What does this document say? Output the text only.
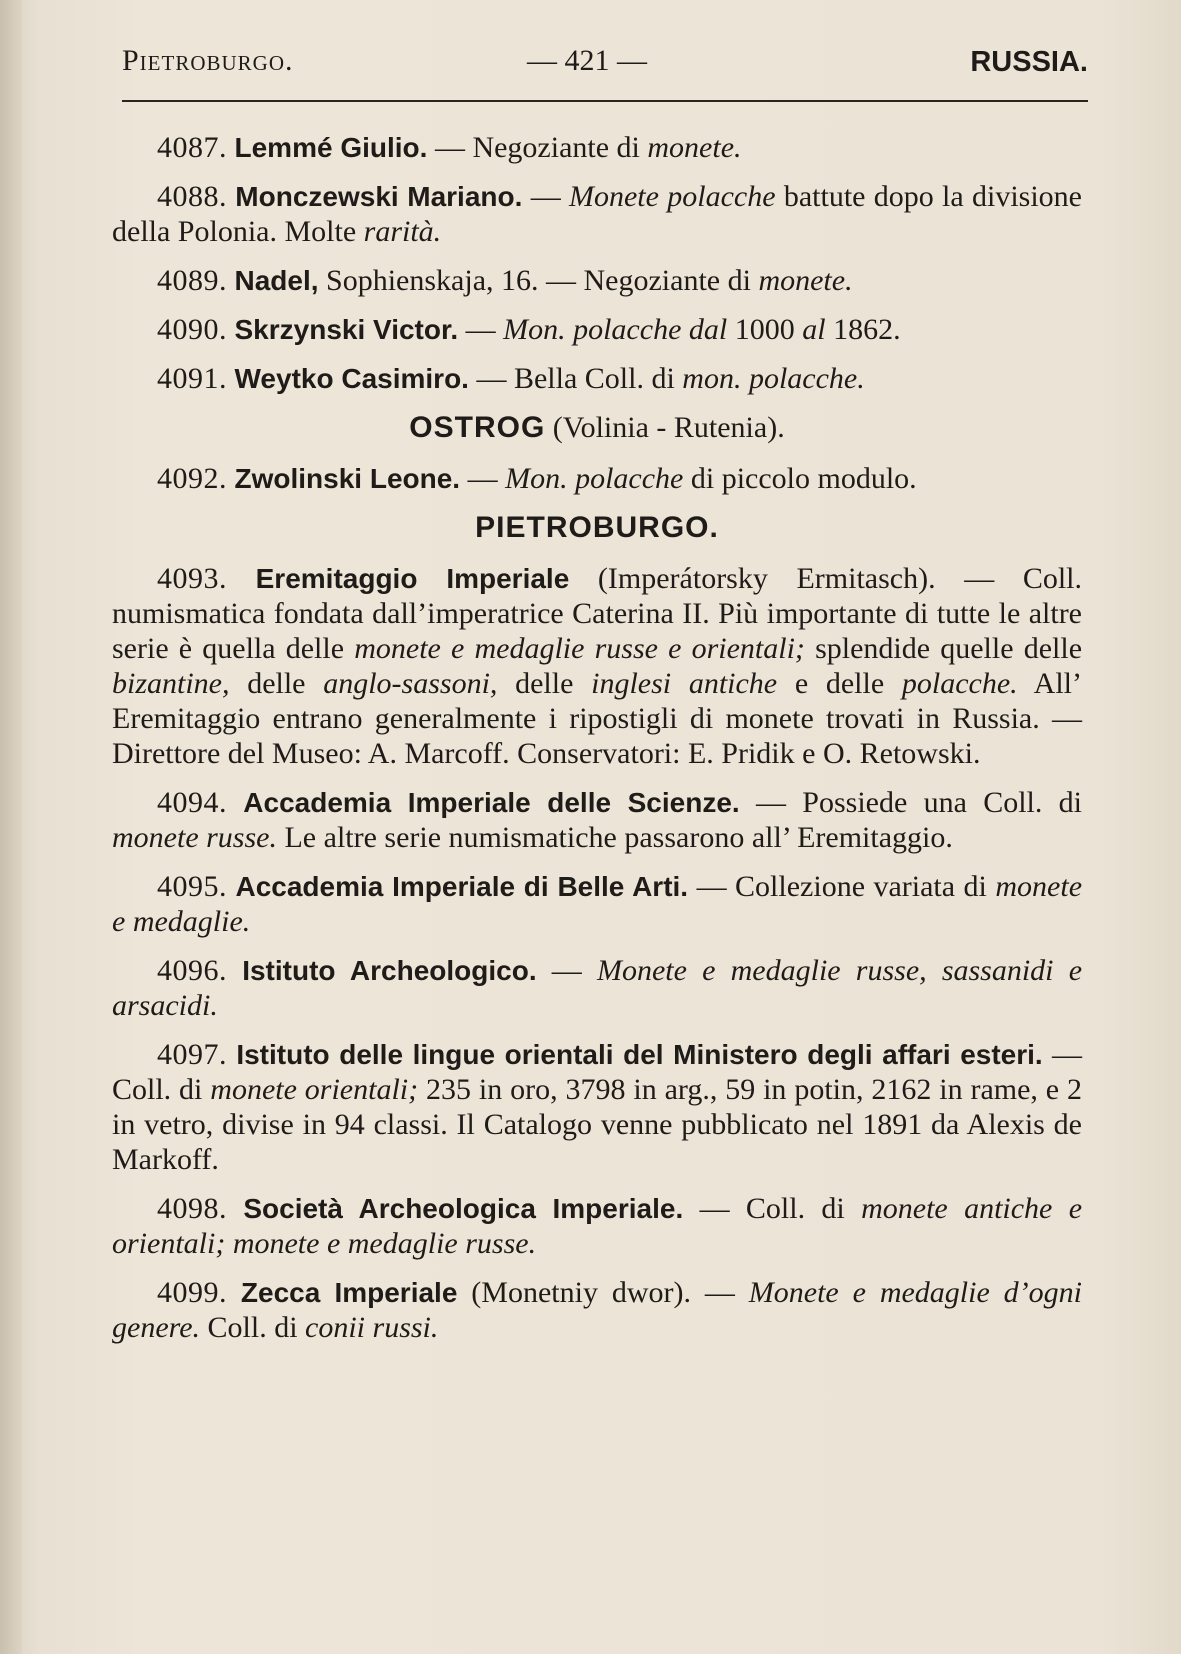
Pietroburgo.	— 421 —	RUSSIA.

4087. Lemmé Giulio. — Negoziante di monete.

4088. Monczewski Mariano. — Monete polacche battute dopo la divisione della Polonia. Molte rarità.

4089. Nadel, Sophienskaja, 16. — Negoziante di monete.

4090. Skrzynski Victor. — Mon. polacche dal 1000 al 1862.

4091. Weytko Casimiro. — Bella Coll. di mon. polacche.

OSTROG (Volinia - Rutenia).

4092. Zwolinski Leone. — Mon. polacche di piccolo modulo.

PIETROBURGO.

4093. Eremitaggio Imperiale (Imperátorsky Ermitasch). — Coll. numismatica fondata dall’imperatrice Caterina II. Più importante di tutte le altre serie è quella delle monete e medaglie russe e orientali; splendide quelle delle bizantine, delle anglo-sassoni, delle inglesi antiche e delle polacche. All’ Eremitaggio entrano generalmente i ripostigli di monete trovati in Russia. — Direttore del Museo: A. Marcoff. Conservatori: E. Pridik e O. Retowski.

4094. Accademia Imperiale delle Scienze. — Possiede una Coll. di monete russe. Le altre serie numismatiche passarono all’ Eremitaggio.

4095. Accademia Imperiale di Belle Arti. — Collezione variata di monete e medaglie.

4096. Istituto Archeologico. — Monete e medaglie russe, sassanidi e arsacidi.

4097. Istituto delle lingue orientali del Ministero degli affari esteri. — Coll. di monete orientali; 235 in oro, 3798 in arg., 59 in potin, 2162 in rame, e 2 in vetro, divise in 94 classi. Il Catalogo venne pubblicato nel 1891 da Alexis de Markoff.

4098. Società Archeologica Imperiale. — Coll. di monete antiche e orientali; monete e medaglie russe.

4099. Zecca Imperiale (Monetniy dwor). — Monete e medaglie d’ogni genere. Coll. di conii russi.
